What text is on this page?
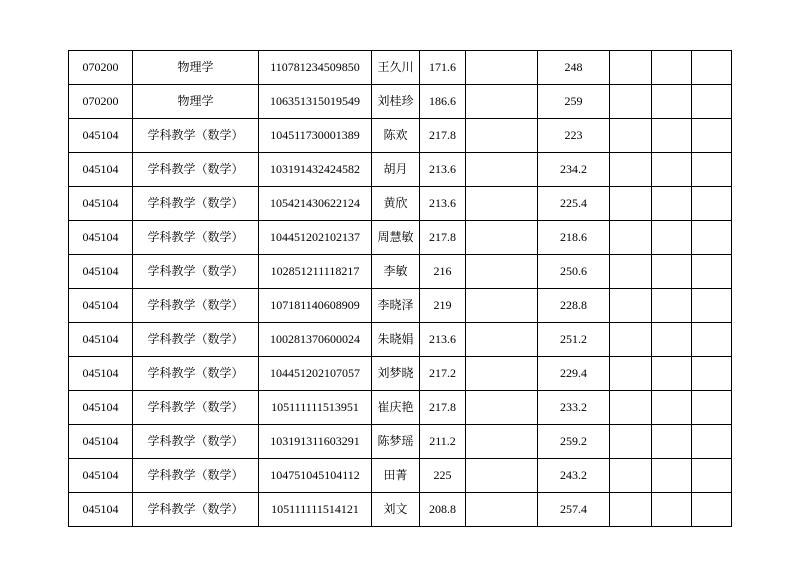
070200	物理学	110781234509850	王久川	171.6		248			
070200	物理学	106351315019549	刘桂珍	186.6		259			
045104	学科教学（数学）	104511730001389	陈欢	217.8		223			
045104	学科教学（数学）	103191432424582	胡月	213.6		234.2			
045104	学科教学（数学）	105421430622124	黄欣	213.6		225.4			
045104	学科教学（数学）	104451202102137	周慧敏	217.8		218.6			
045104	学科教学（数学）	102851211118217	李敏	216		250.6			
045104	学科教学（数学）	107181140608909	李晓泽	219		228.8			
045104	学科教学（数学）	100281370600024	朱晓娟	213.6		251.2			
045104	学科教学（数学）	104451202107057	刘梦晓	217.2		229.4			
045104	学科教学（数学）	105111111513951	崔庆艳	217.8		233.2			
045104	学科教学（数学）	103191311603291	陈梦瑶	211.2		259.2			
045104	学科教学（数学）	104751045104112	田菁	225		243.2			
045104	学科教学（数学）	105111111514121	刘文	208.8		257.4			
